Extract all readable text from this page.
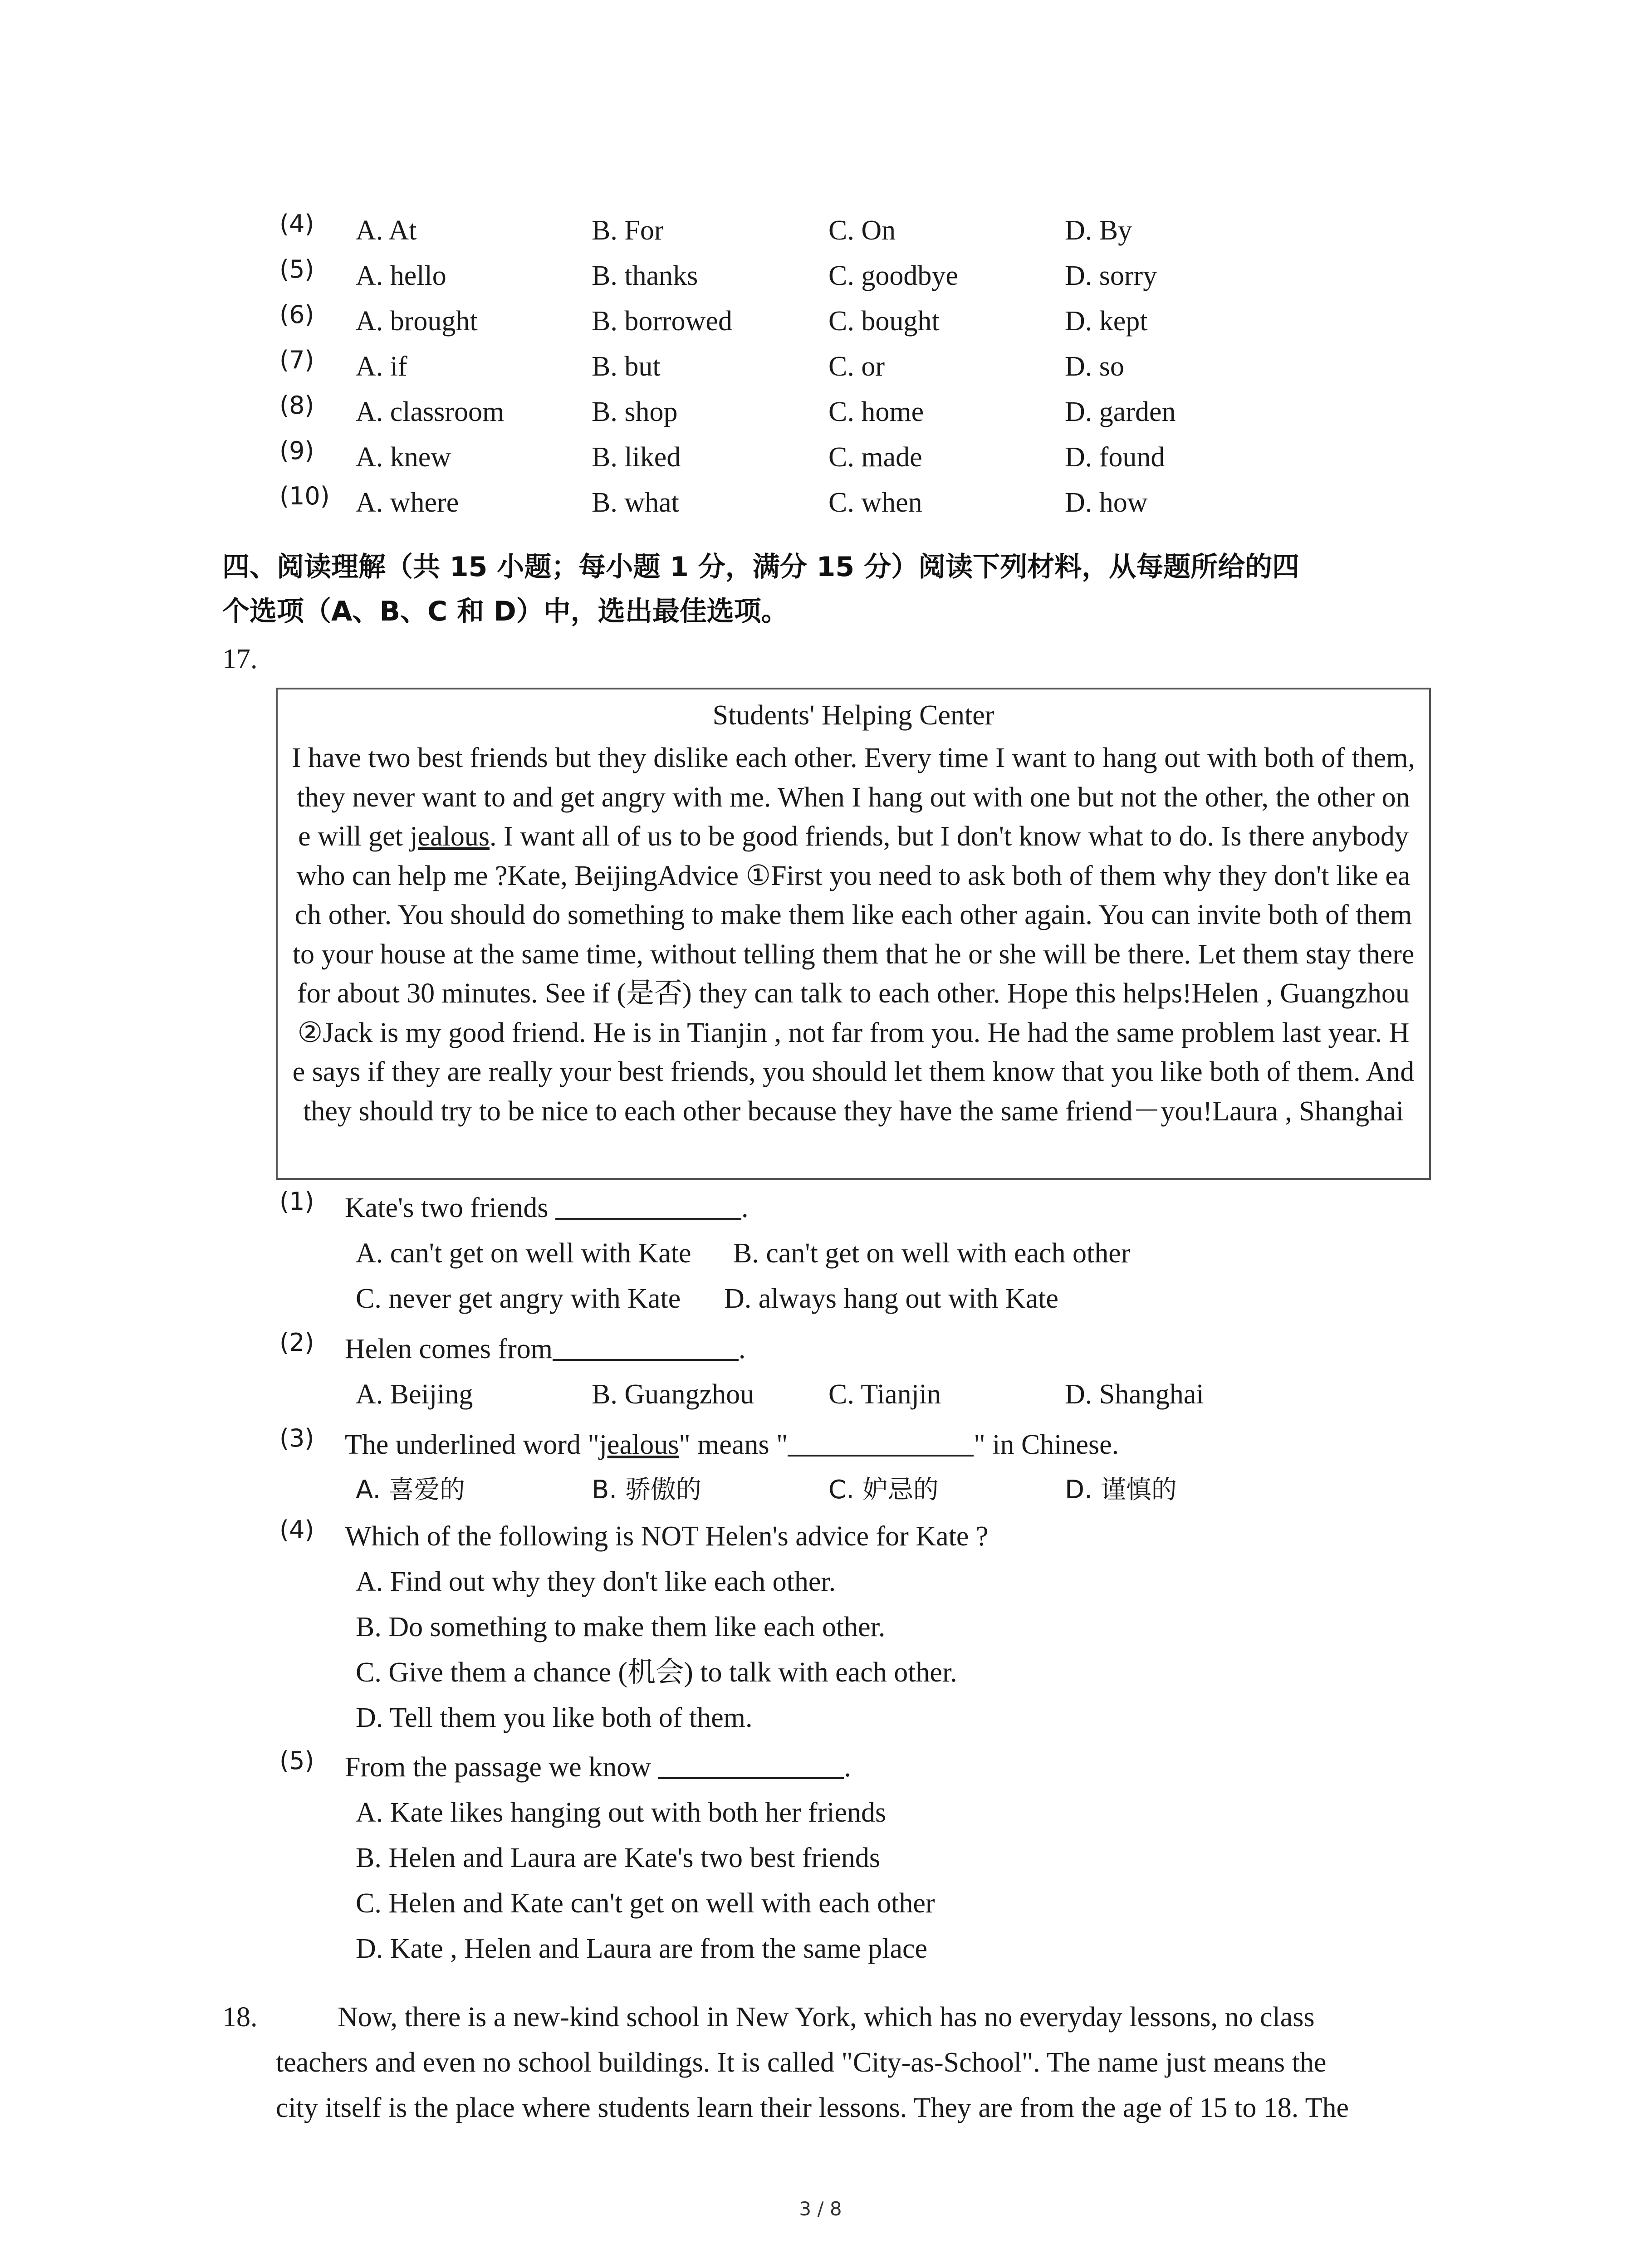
(4) A. At	B. For	C. On	D. By
(5) A. hello	B. thanks	C. goodbye	D. sorry
(6) A. brought	B. borrowed	C. bought	D. kept
(7) A. if	B. but	C. or	D. so
(8) A. classroom	B. shop	C. home	D. garden
(9) A. knew	B. liked	C. made	D. found
(10) A. where	B. what	C. when	D. how
四、阅读理解（共 15 小题；每小题 1 分，满分 15 分）阅读下列材料，从每题所给的四
个选项（A、B、C 和 D）中，选出最佳选项。
17.
Students' Helping Center
I have two best friends but they dislike each other. Every time I want to hang out with both of them, they never want to and get angry with me. When I hang out with one but not the other, the other one will get jealous. I want all of us to be good friends, but I don't know what to do. Is there anybody who can help me ?Kate, BeijingAdvice ①First you need to ask both of them why they don't like each other. You should do something to make them like each other again. You can invite both of them to your house at the same time, without telling them that he or she will be there. Let them stay there for about 30 minutes. See if (是否) they can talk to each other. Hope this helps!Helen , Guangzhou ②Jack is my good friend. He is in Tianjin , not far from you. He had the same problem last year. He says if they are really your best friends, you should let them know that you like both of them. And they should try to be nice to each other because they have the same friend－you!Laura , Shanghai
(1) Kate's two friends	.
A. can't get on well with Kate B. can't get on well with each other
C. never get angry with Kate D. always hang out with Kate
(2) Helen comes from	.
A. Beijing	B. Guangzhou	C. Tianjin	D. Shanghai
(3) The underlined word "jealous" means "	" in Chinese.
A. 喜爱的	B. 骄傲的	C. 妒忌的	D. 谨慎的
(4) Which of the following is NOT Helen's advice for Kate ?
A. Find out why they don't like each other.
B. Do something to make them like each other.
C. Give them a chance (机会) to talk with each other.
D. Tell them you like both of them.
(5) From the passage we know	.
A. Kate likes hanging out with both her friends
B. Helen and Laura are Kate's two best friends
C. Helen and Kate can't get on well with each other
D. Kate , Helen and Laura are from the same place
18.	Now, there is a new-kind school in New York, which has no everyday lessons, no class
teachers and even no school buildings. It is called "City-as-School". The name just means the
city itself is the place where students learn their lessons. They are from the age of 15 to 18. The
3 / 8
